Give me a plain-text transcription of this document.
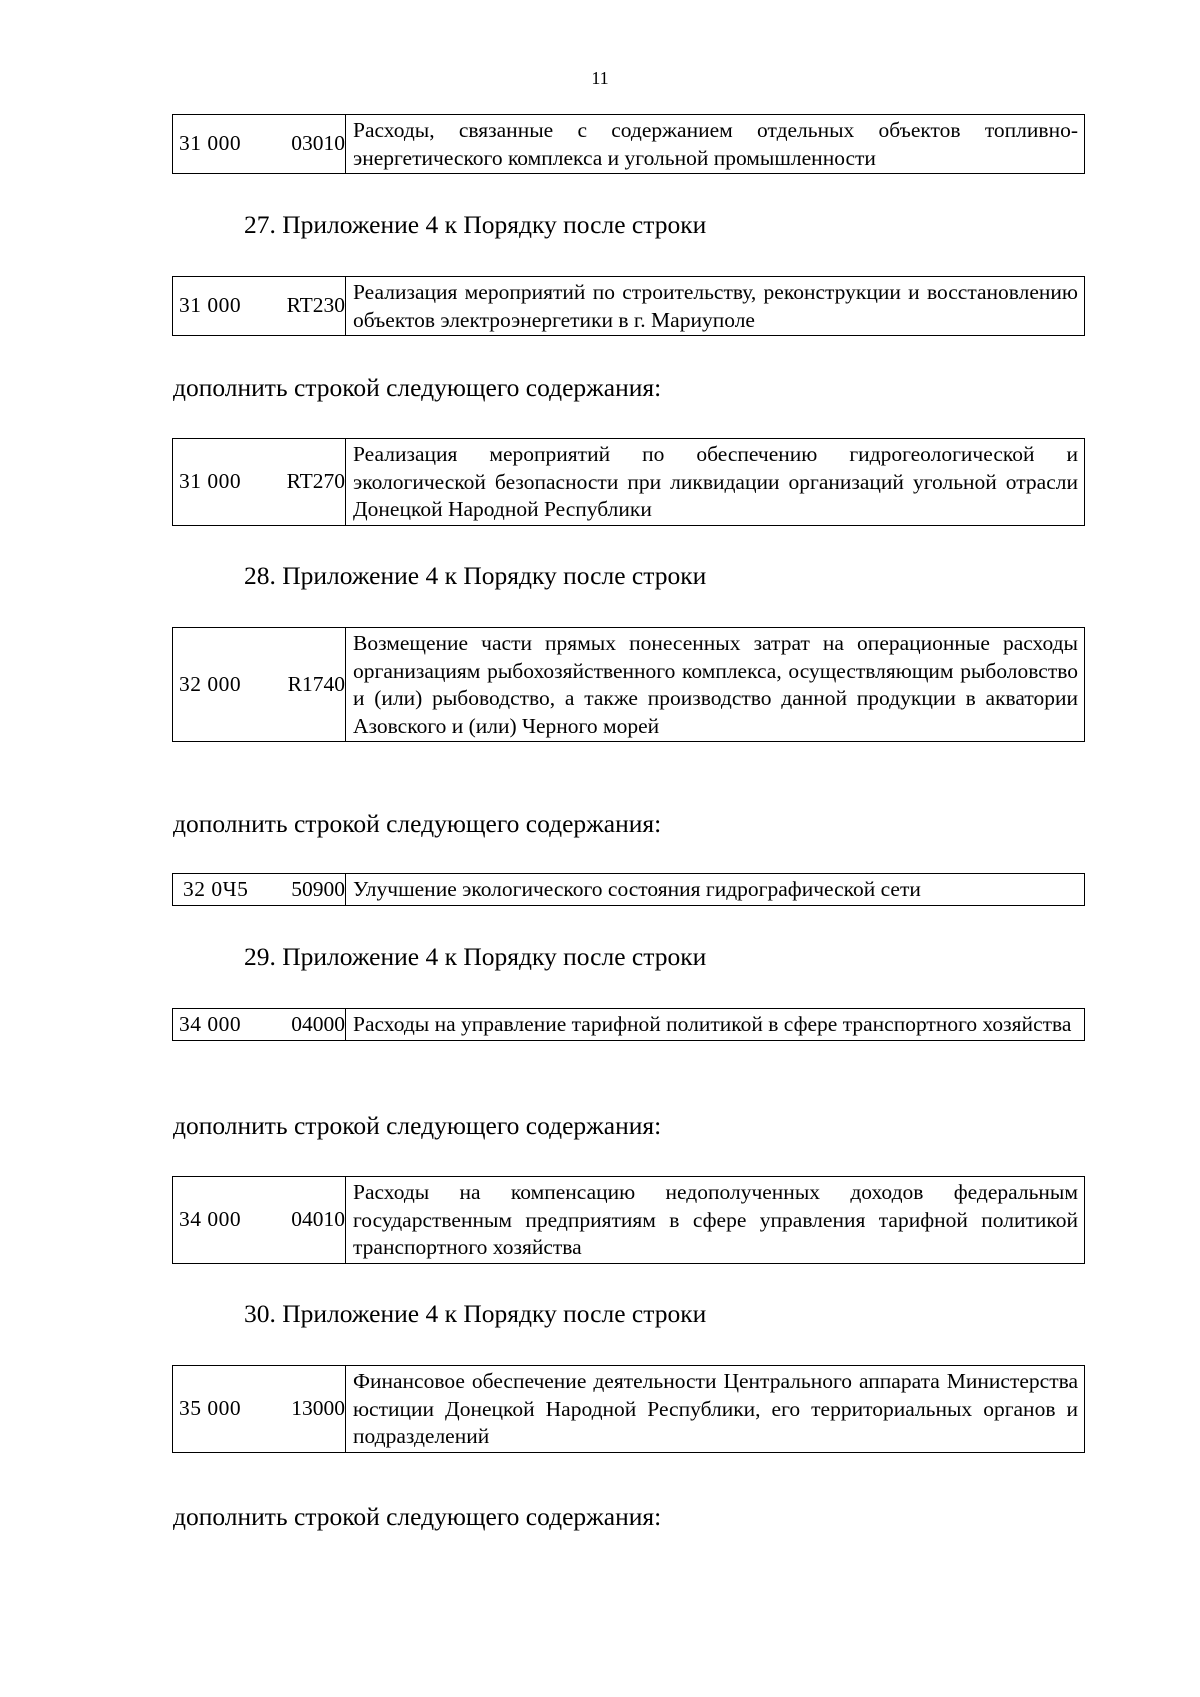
11
31 000 03010
	Расходы, связанные с содержанием отдельных объектов топливно-энергетического комплекса и угольной промышленности
27. Приложение 4 к Порядку после строки
31 000 RT230
	Реализация мероприятий по строительству, реконструкции и восстановлению объектов электроэнергетики в г. Мариуполе
дополнить строкой следующего содержания:
31 000 RT270
	Реализация мероприятий по обеспечению гидрогеологической и экологической безопасности при ликвидации организаций угольной отрасли Донецкой Народной Республики
28. Приложение 4 к Порядку после строки
32 000 R1740
	Возмещение части прямых понесенных затрат на операционные расходы организациям рыбохозяйственного комплекса, осуществляющим рыболовство и (или) рыбоводство, а также производство данной продукции в акватории Азовского и (или) Черного морей
дополнить строкой следующего содержания:
32 0Ч5 50900	Улучшение экологического состояния гидрографической сети
29. Приложение 4 к Порядку после строки
34 000 04000	Расходы на управление тарифной политикой в сфере транспортного хозяйства
дополнить строкой следующего содержания:
34 000 04010
	Расходы на компенсацию недополученных доходов федеральным государственным предприятиям в сфере управления тарифной политикой транспортного хозяйства
30. Приложение 4 к Порядку после строки
35 000 13000
	Финансовое обеспечение деятельности Центрального аппарата Министерства юстиции Донецкой Народной Республики, его территориальных органов и подразделений
дополнить строкой следующего содержания:
